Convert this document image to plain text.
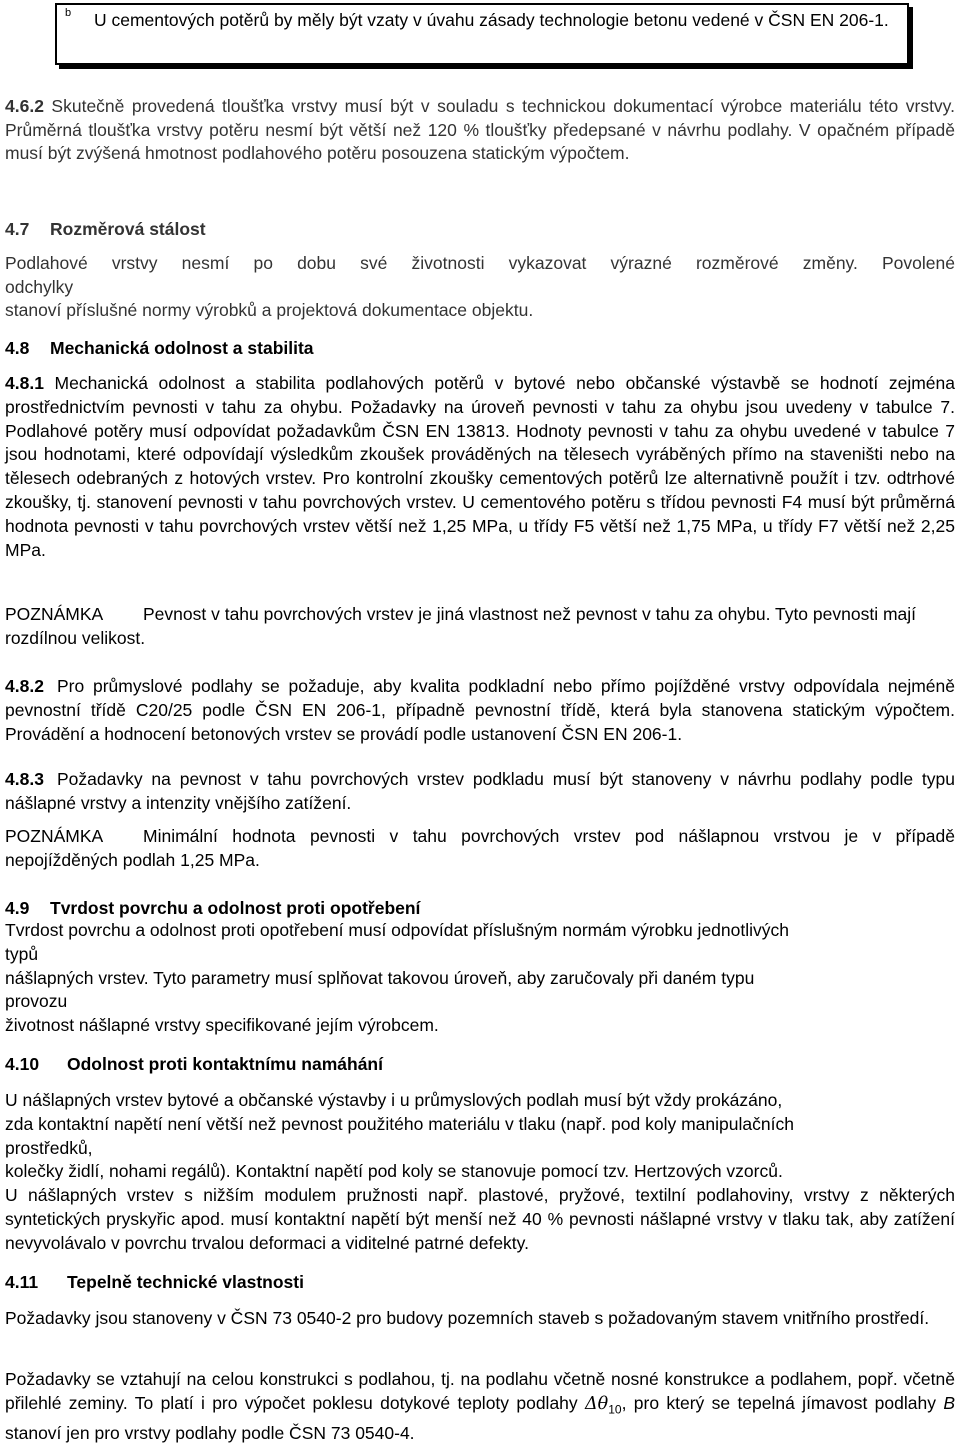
b U cementových potěrů by měly být vzaty v úvahu zásady technologie betonu vedené v ČSN EN 206-1.
4.6.2 Skutečně provedená tloušťka vrstvy musí být v souladu s technickou dokumentací výrobce materiálu této vrstvy. Průměrná tloušťka vrstvy potěru nesmí být větší než 120 % tloušťky předepsané v návrhu podlahy. V opačném případě musí být zvýšená hmotnost podlahového potěru posouzena statickým výpočtem.
4.7 Rozměrová stálost
Podlahové vrstvy nesmí po dobu své životnosti vykazovat výrazné rozměrové změny. Povolené
odchylky
stanoví příslušné normy výrobků a projektová dokumentace objektu.
4.8 Mechanická odolnost a stabilita
4.8.1 Mechanická odolnost a stabilita podlahových potěrů v bytové nebo občanské výstavbě se hodnotí zejména prostřednictvím pevnosti v tahu za ohybu. Požadavky na úroveň pevnosti v tahu za ohybu jsou uvedeny v tabulce 7. Podlahové potěry musí odpovídat požadavkům ČSN EN 13813. Hodnoty pevnosti v tahu za ohybu uvedené v tabulce 7 jsou hodnotami, které odpovídají výsledkům zkoušek prováděných na tělesech vyráběných přímo na staveništi nebo na tělesech odebraných z hotových vrstev. Pro kontrolní zkoušky cementových potěrů lze alternativně použít i tzv. odtrhové zkoušky, tj. stanovení pevnosti v tahu povrchových vrstev. U cementového potěru s třídou pevnosti F4 musí být průměrná hodnota pevnosti v tahu povrchových vrstev větší než 1,25 MPa, u třídy F5 větší než 1,75 MPa, u třídy F7 větší než 2,25 MPa.
POZNÁMKA Pevnost v tahu povrchových vrstev je jiná vlastnost než pevnost v tahu za ohybu. Tyto pevnosti mají rozdílnou velikost.
4.8.2 Pro průmyslové podlahy se požaduje, aby kvalita podkladní nebo přímo pojížděné vrstvy odpovídala nejméně pevnostní třídě C20/25 podle ČSN EN 206-1, případně pevnostní třídě, která byla stanovena statickým výpočtem. Provádění a hodnocení betonových vrstev se provádí podle ustanovení ČSN EN 206-1.
4.8.3 Požadavky na pevnost v tahu povrchových vrstev podkladu musí být stanoveny v návrhu podlahy podle typu nášlapné vrstvy a intenzity vnějšího zatížení.
POZNÁMKA Minimální hodnota pevnosti v tahu povrchových vrstev pod nášlapnou vrstvou je v případě nepojížděných podlah 1,25 MPa.
4.9 Tvrdost povrchu a odolnost proti opotřebení
Tvrdost povrchu a odolnost proti opotřebení musí odpovídat příslušným normám výrobku jednotlivých
typů
nášlapných vrstev. Tyto parametry musí splňovat takovou úroveň, aby zaručovaly při daném typu
provozu
životnost nášlapné vrstvy specifikované jejím výrobcem.
4.10 Odolnost proti kontaktnímu namáhání
U nášlapných vrstev bytové a občanské výstavby i u průmyslových podlah musí být vždy prokázáno,
zda kontaktní napětí není větší než pevnost použitého materiálu v tlaku (např. pod koly manipulačních
prostředků,
kolečky židlí, nohami regálů). Kontaktní napětí pod koly se stanovuje pomocí tzv. Hertzových vzorců.
U nášlapných vrstev s nižším modulem pružnosti např. plastové, pryžové, textilní podlahoviny, vrstvy z některých syntetických pryskyřic apod. musí kontaktní napětí být menší než 40 % pevnosti nášlapné vrstvy v tlaku tak, aby zatížení nevyvolávalo v povrchu trvalou deformaci a viditelné patrné defekty.
4.11 Tepelně technické vlastnosti
Požadavky jsou stanoveny v ČSN 73 0540-2 pro budovy pozemních staveb s požadovaným stavem vnitřního prostředí.
Požadavky se vztahují na celou konstrukci s podlahou, tj. na podlahu včetně nosné konstrukce a podlahem, popř. včetně přilehlé zeminy. To platí i pro výpočet poklesu dotykové teploty podlahy $\Delta\theta_{10}$, pro který se tepelná jímavost podlahy B stanoví jen pro vrstvy podlahy podle ČSN 73 0540-4.
